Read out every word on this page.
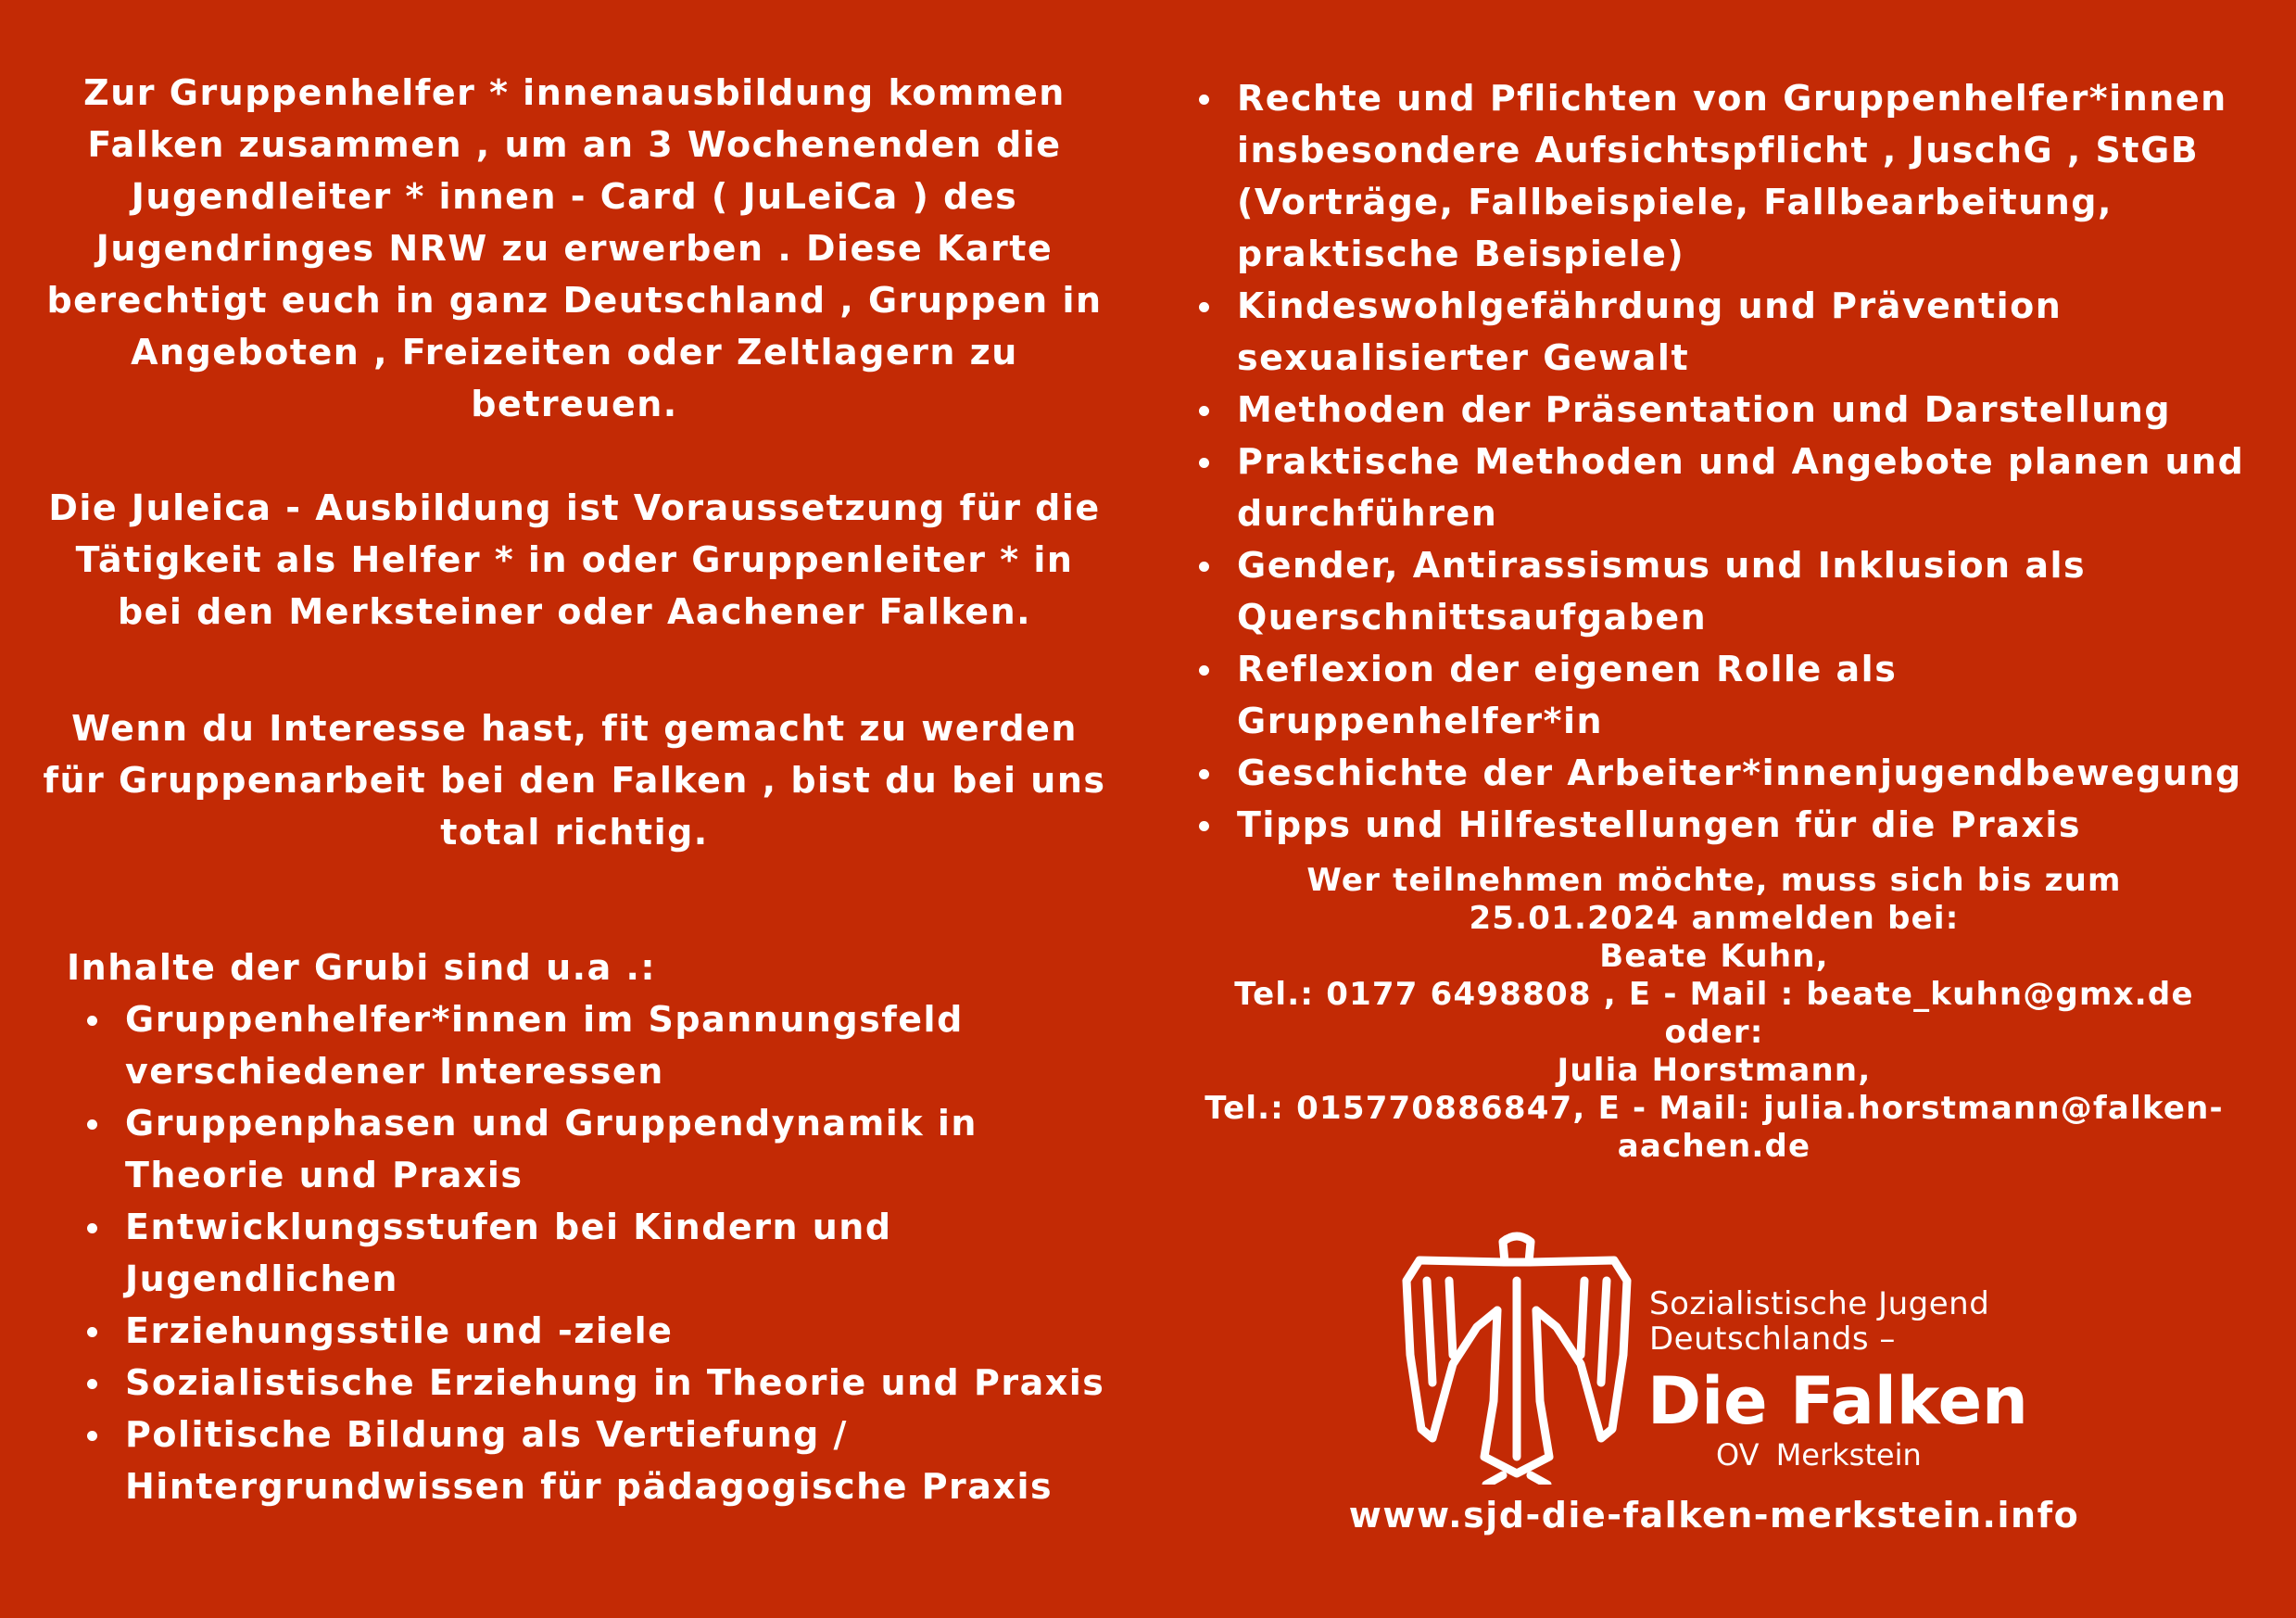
Zur Gruppenhelfer * innenausbildung kommen Falken zusammen , um an 3 Wochenenden die Jugendleiter * innen - Card ( JuLeiCa ) des Jugendringes NRW zu erwerben . Diese Karte berechtigt euch in ganz Deutschland , Gruppen in Angeboten , Freizeiten oder Zeltlagern zu betreuen.

Die Juleica - Ausbildung ist Voraussetzung für die Tätigkeit als Helfer * in oder Gruppenleiter * in bei den Merksteiner oder Aachener Falken.

Wenn du Interesse hast, fit gemacht zu werden für Gruppenarbeit bei den Falken , bist du bei uns total richtig.

Inhalte der Grubi sind u.a .:

Gruppenhelfer*innen im Spannungsfeld verschiedener Interessen
Gruppenphasen und Gruppendynamik in Theorie und Praxis
Entwicklungsstufen bei Kindern und Jugendlichen
Erziehungsstile und -ziele
Sozialistische Erziehung in Theorie und Praxis
Politische Bildung als Vertiefung / Hintergrundwissen für pädagogische Praxis
Rechte und Pflichten von Gruppenhelfer*innen insbesondere Aufsichtspflicht , JuschG , StGB (Vorträge, Fallbeispiele, Fallbearbeitung, praktische Beispiele)
Kindeswohlgefährdung und Prävention sexualisierter Gewalt
Methoden der Präsentation und Darstellung
Praktische Methoden und Angebote planen und durchführen
Gender, Antirassismus und Inklusion als Querschnittsaufgaben
Reflexion der eigenen Rolle als Gruppenhelfer*in
Geschichte der Arbeiter*innenjugendbewegung
Tipps und Hilfestellungen für die Praxis
Wer teilnehmen möchte, muss sich bis zum 25.01.2024 anmelden bei:
Beate Kuhn,
Tel.: 0177 6498808 , E - Mail : beate_kuhn@gmx.de
oder:
Julia Horstmann,
Tel.: 015770886847, E - Mail: julia.horstmann@falken-aachen.de
Sozialistische Jugend
Deutschlands –
Die Falken
OV Merkstein
www.sjd-die-falken-merkstein.info
